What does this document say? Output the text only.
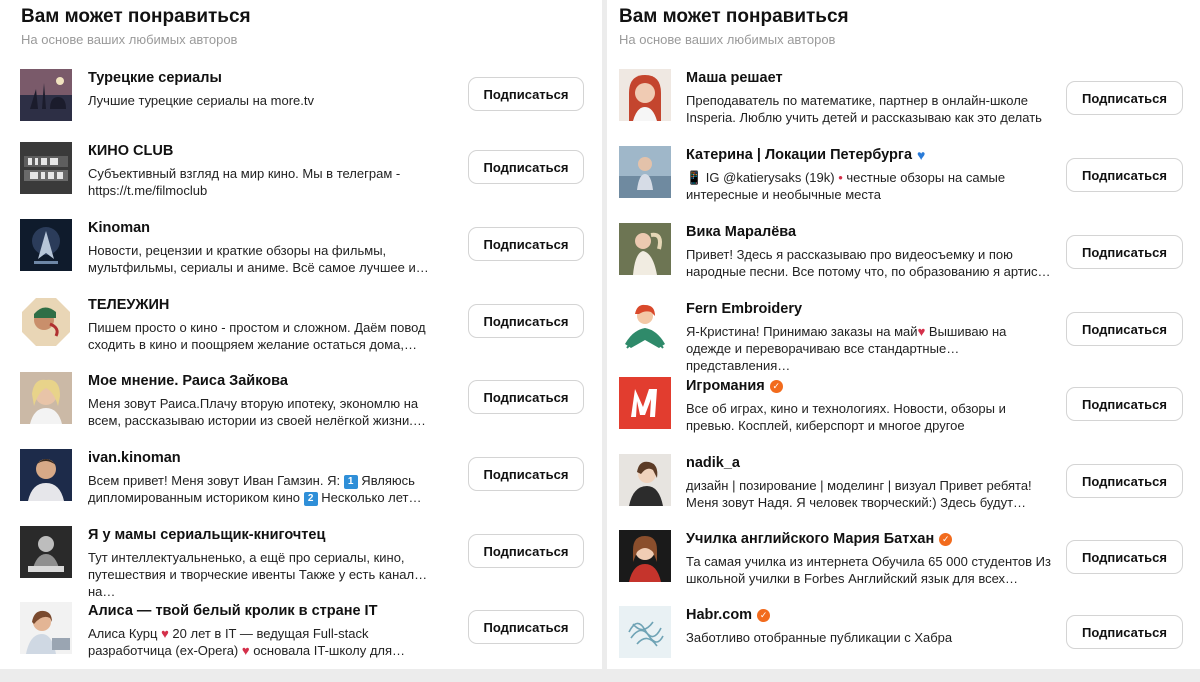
Вам может понравиться
На основе ваших любимых авторов
Турецкие сериалы
Лучшие турецкие сериалы на more.tv	Подписаться
КИНО CLUB
Субъективный взгляд на мир кино. Мы в телеграм - https://t.me/filmoclub
Подписаться
Kinoman
Новости, рецензии и краткие обзоры на фильмы, мультфильмы, сериалы и аниме. Всё самое лучшее и…
Подписаться
ТЕЛЕУЖИН
Пишем просто о кино - простом и сложном. Даём повод сходить в кино и поощряем желание остаться дома,…
Подписаться
Мое мнение. Раиса Зайкова
Меня зовут Раиса.Плачу вторую ипотеку, экономлю на всем, рассказываю истории из своей нелёгкой жизни.…
Подписаться
ivan.kinoman
Всем привет! Меня зовут Иван Гамзин. Я: 1 Являюсь дипломированным историком кино 2 Несколько лет…
Подписаться
Я у мамы сериальщик-книгочтец
Тут интеллектуальненько, а ещё про сериалы, кино, путешествия и творческие ивенты Также у есть канал на…
Подписаться
Алиса — твой белый кролик в стране IT
Алиса Курц ♥ 20 лет в IT — ведущая Full-stack разработчица (ex-Opera) ♥ основала IT-школу для…
Подписаться
Вам может понравиться
На основе ваших любимых авторов
Маша решает
Преподаватель по математике, партнер в онлайн-школе Insperia. Люблю учить детей и рассказываю как это делать
Подписаться
Катерина | Локации Петербурга ♥
📱 IG @katierysaks (19k) • честные обзоры на самые интересные и необычные места
Подписаться
Вика Маралёва
Привет! Здесь я рассказываю про видеосъемку и пою народные песни. Все потому что, по образованию я артис…
Подписаться
Fern Embroidery
Я-Кристина! Принимаю заказы на май♥ Вышиваю на одежде и переворачиваю все стандартные представления…
Подписаться
Игромания ✓
Все об играх, кино и технологиях. Новости, обзоры и превью. Косплей, киберспорт и многое другое
Подписаться
nadik_a
дизайн | позирование | моделинг | визуал Привет ребята! Меня зовут Надя. Я человек творческий:) Здесь будут…
Подписаться
Училка английского Мария Батхан ✓
Та самая училка из интернета Обучила 65 000 студентов Из школьной училки в Forbes Английский язык для всех…
Подписаться
Habr.com ✓
Заботливо отобранные публикации с Хабра	Подписаться
